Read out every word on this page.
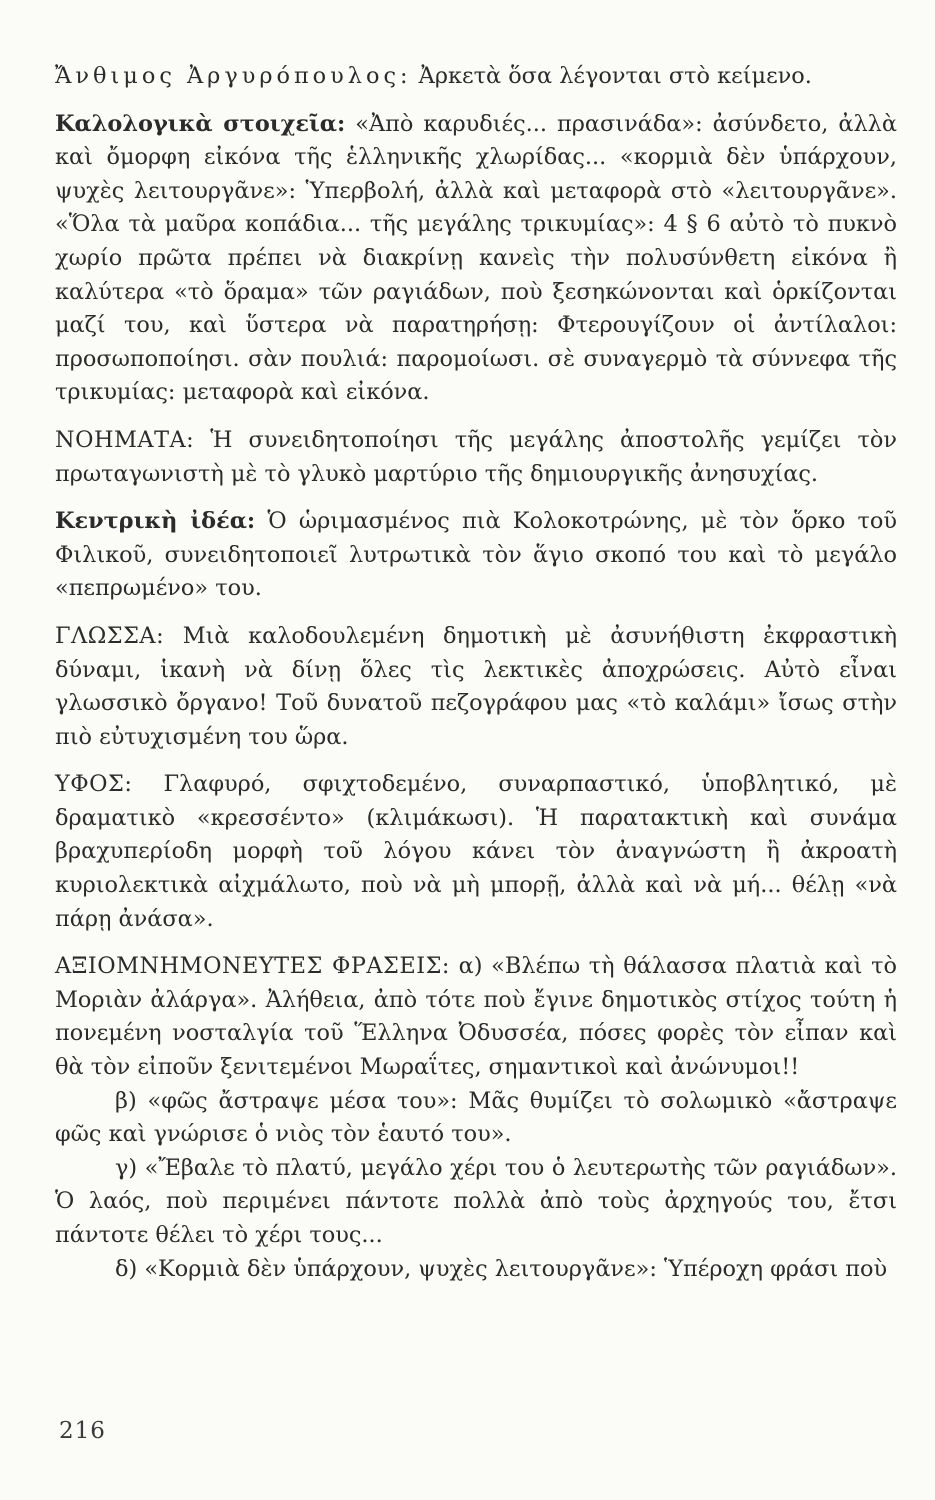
Ἄνθιμος Ἀργυρόπουλος: Ἀρκετὰ ὅσα λέγονται στὸ κείμενο.

Καλολογικὰ στοιχεῖα: «Ἀπὸ καρυδιές... πρασινάδα»: ἀσύνδετο, ἀλλὰ καὶ ὄμορφη εἰκόνα τῆς ἑλληνικῆς χλωρίδας... «κορμιὰ δὲν ὑπάρχουν, ψυχὲς λειτουργᾶνε»: Ὑπερβολή, ἀλλὰ καὶ μεταφορὰ στὸ «λειτουργᾶνε». «Ὅλα τὰ μαῦρα κοπάδια... τῆς μεγάλης τρικυμίας»: 4 § 6 αὐτὸ τὸ πυκνὸ χωρίο πρῶτα πρέπει νὰ διακρίνῃ κανεὶς τὴν πολυσύνθετη εἰκόνα ἢ καλύτερα «τὸ ὅραμα» τῶν ραγιάδων, ποὺ ξεσηκώνονται καὶ ὁρκίζονται μαζί του, καὶ ὕστερα νὰ παρατηρήσῃ: Φτερουγίζουν οἱ ἀντίλαλοι: προσωποποίησι. σὰν πουλιά: παρομοίωσι. σὲ συναγερμὸ τὰ σύννεφα τῆς τρικυμίας: μεταφορὰ καὶ εἰκόνα.

ΝΟΗΜΑΤΑ: Ἡ συνειδητοποίησι τῆς μεγάλης ἀποστολῆς γεμίζει τὸν πρωταγωνιστὴ μὲ τὸ γλυκὸ μαρτύριο τῆς δημιουργικῆς ἀνησυχίας.

Κεντρικὴ ἰδέα: Ὁ ὡριμασμένος πιὰ Κολοκοτρώνης, μὲ τὸν ὅρκο τοῦ Φιλικοῦ, συνειδητοποιεῖ λυτρωτικὰ τὸν ἅγιο σκοπό του καὶ τὸ μεγάλο «πεπρωμένο» του.

ΓΛΩΣΣΑ: Μιὰ καλοδουλεμένη δημοτικὴ μὲ ἀσυνήθιστη ἐκφραστικὴ δύναμι, ἱκανὴ νὰ δίνῃ ὅλες τὶς λεκτικὲς ἀποχρώσεις. Αὐτὸ εἶναι γλωσσικὸ ὄργανο! Τοῦ δυνατοῦ πεζογράφου μας «τὸ καλάμι» ἴσως στὴν πιὸ εὐτυχισμένη του ὥρα.

ΥΦΟΣ: Γλαφυρό, σφιχτοδεμένο, συναρπαστικό, ὑποβλητικό, μὲ δραματικὸ «κρεσσέντο» (κλιμάκωσι). Ἡ παρατακτικὴ καὶ συνάμα βραχυπερίοδη μορφὴ τοῦ λόγου κάνει τὸν ἀναγνώστη ἢ ἀκροατὴ κυριολεκτικὰ αἰχμάλωτο, ποὺ νὰ μὴ μπορῇ, ἀλλὰ καὶ νὰ μή... θέλῃ «νὰ πάρῃ ἀνάσα».

ΑΞΙΟΜΝΗΜΟΝΕΥΤΕΣ ΦΡΑΣΕΙΣ: α) «Βλέπω τὴ θάλασσα πλατιὰ καὶ τὸ Μοριὰν ἀλάργα». Ἀλήθεια, ἀπὸ τότε ποὺ ἔγινε δημοτικὸς στίχος τούτη ἡ πονεμένη νοσταλγία τοῦ Ἕλληνα Ὀδυσσέα, πόσες φορὲς τὸν εἶπαν καὶ θὰ τὸν εἰποῦν ξενιτεμένοι Μωραΐτες, σημαντικοὶ καὶ ἀνώνυμοι!!

β) «φῶς ἄστραψε μέσα του»: Μᾶς θυμίζει τὸ σολωμικὸ «ἄστραψε φῶς καὶ γνώρισε ὁ νιὸς τὸν ἑαυτό του».

γ) «Ἔβαλε τὸ πλατύ, μεγάλο χέρι του ὁ λευτερωτὴς τῶν ραγιάδων». Ὁ λαός, ποὺ περιμένει πάντοτε πολλὰ ἀπὸ τοὺς ἀρχηγούς του, ἔτσι πάντοτε θέλει τὸ χέρι τους...

δ) «Κορμιὰ δὲν ὑπάρχουν, ψυχὲς λειτουργᾶνε»: Ὑπέροχη φράσι ποὺ

216
